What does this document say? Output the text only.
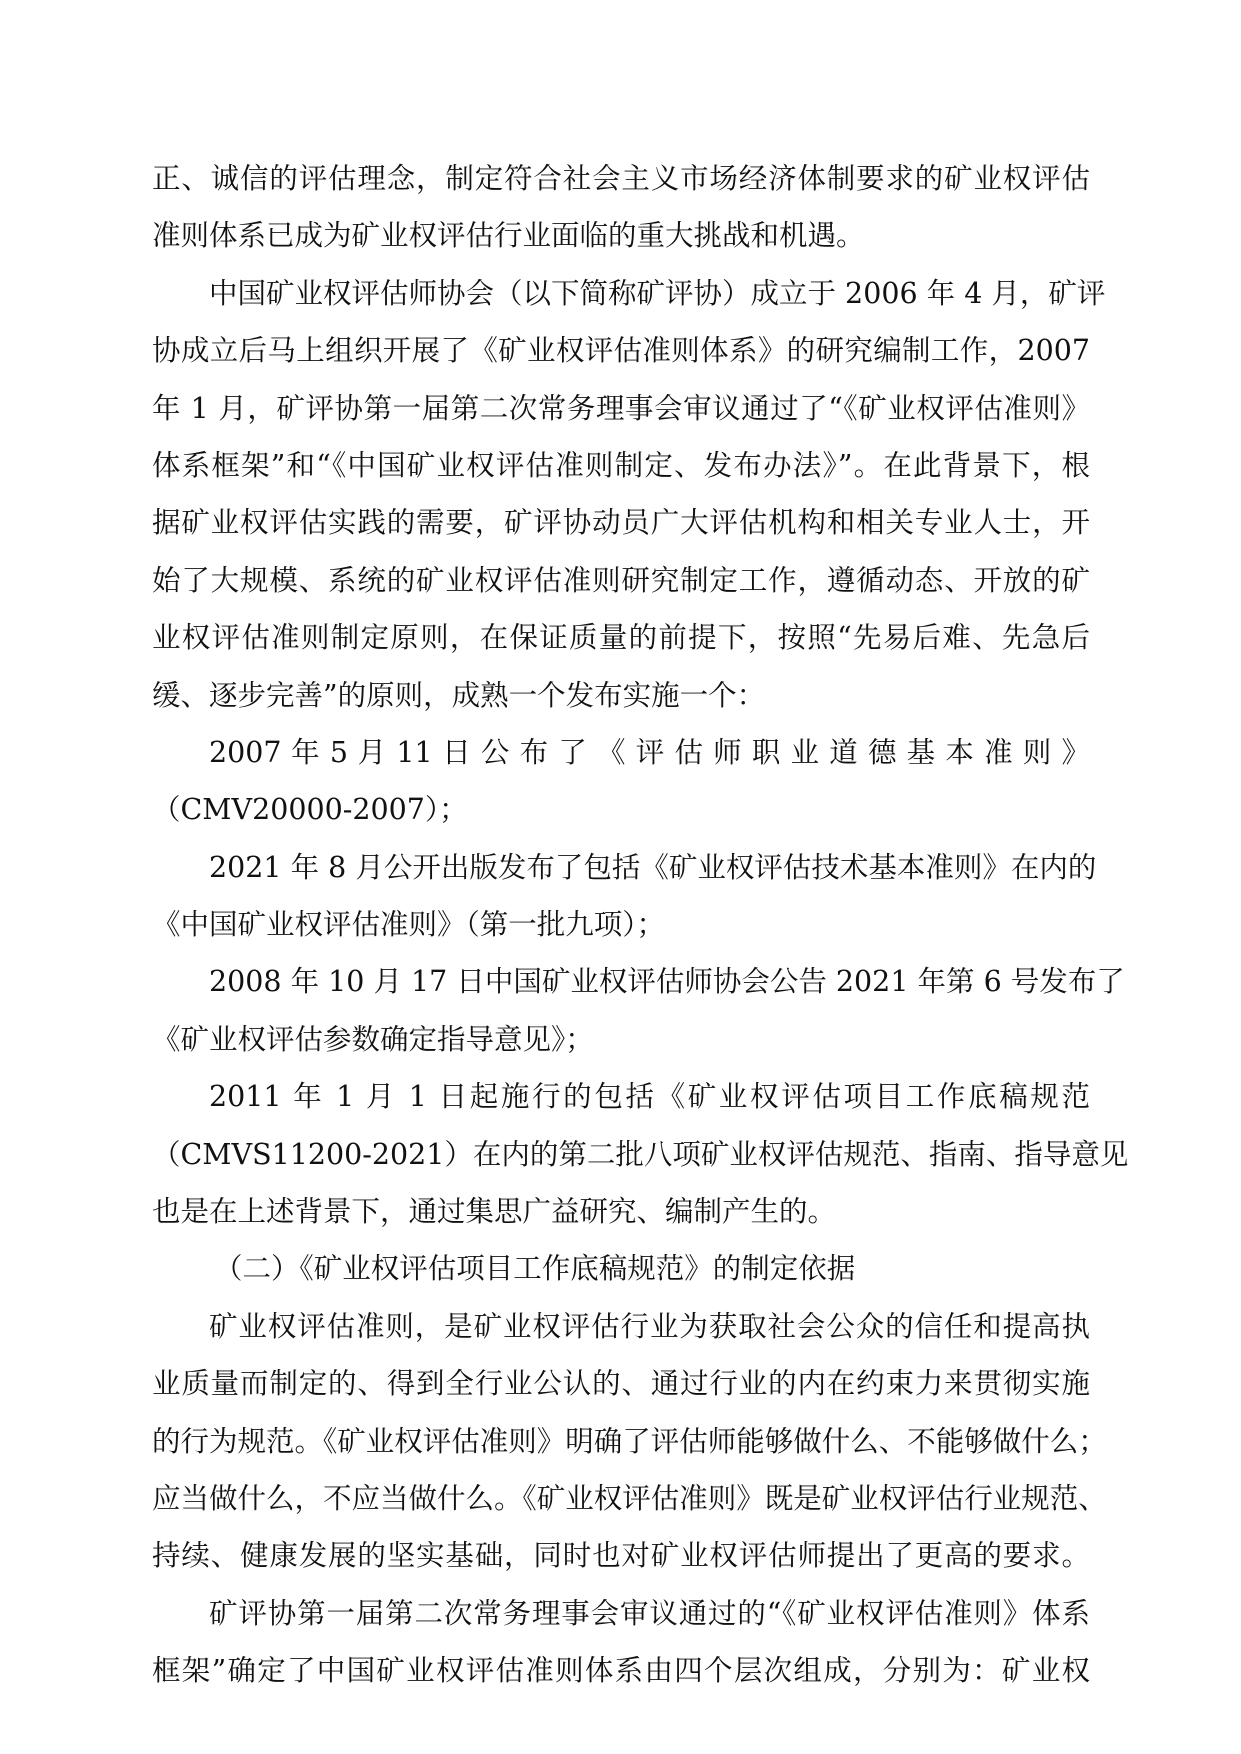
正、诚信的评估理念，制定符合社会主义市场经济体制要求的矿业权评估
准则体系已成为矿业权评估行业面临的重大挑战和机遇。
中国矿业权评估师协会（以下简称矿评协）成立于 2006 年 4 月，矿评
协成立后马上组织开展了《矿业权评估准则体系》的研究编制工作，2007
年 1 月，矿评协第一届第二次常务理事会审议通过了“《矿业权评估准则》
体系框架”和“《中国矿业权评估准则制定、发布办法》”。在此背景下，根
据矿业权评估实践的需要，矿评协动员广大评估机构和相关专业人士，开
始了大规模、系统的矿业权评估准则研究制定工作，遵循动态、开放的矿
业权评估准则制定原则，在保证质量的前提下，按照“先易后难、先急后
缓、逐步完善”的原则，成熟一个发布实施一个：
2007 年 5 月 11 日 公 布 了 《 评 估 师 职 业 道 德 基 本 准 则 》
（CMV20000-2007）；
2021 年 8 月公开出版发布了包括《矿业权评估技术基本准则》在内的
《中国矿业权评估准则》（第一批九项）；
2008 年 10 月 17 日中国矿业权评估师协会公告 2021 年第 6 号发布了
《矿业权评估参数确定指导意见》；
2011 年 1 月 1 日起施行的包括《矿业权评估项目工作底稿规范
（CMVS11200-2021）在内的第二批八项矿业权评估规范、指南、指导意见
也是在上述背景下，通过集思广益研究、编制产生的。
（二）《矿业权评估项目工作底稿规范》的制定依据
矿业权评估准则，是矿业权评估行业为获取社会公众的信任和提高执
业质量而制定的、得到全行业公认的、通过行业的内在约束力来贯彻实施
的行为规范。《矿业权评估准则》明确了评估师能够做什么、不能够做什么；
应当做什么，不应当做什么。《矿业权评估准则》既是矿业权评估行业规范、
持续、健康发展的坚实基础，同时也对矿业权评估师提出了更高的要求。
矿评协第一届第二次常务理事会审议通过的“《矿业权评估准则》体系
框架”确定了中国矿业权评估准则体系由四个层次组成，分别为：矿业权
